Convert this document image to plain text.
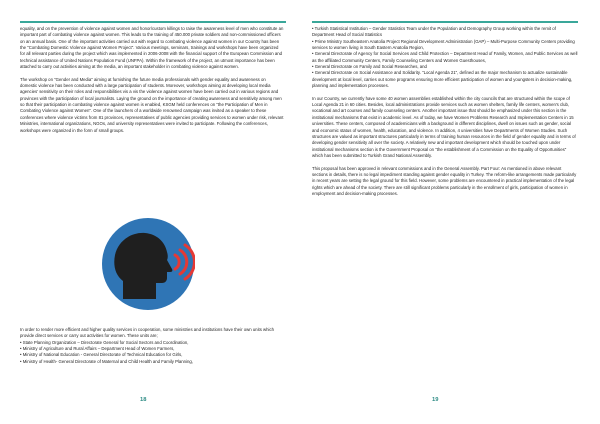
equality, and on the prevention of violence against women and honor/custom killings to raise the awareness level of men who constitute an important part of combating violence against women. This leads to the training of 450.000 private soldiers and non-commissioned officers on an annual basis. One of the important activities carried out with regard to combating violence against women in our Country has been the "Combating Domestic Violence against Women Project". Various meetings, seminars, trainings and workshops have been organized for all relevant parties during the project which was implemented in 2006-2008 with the financial support of the European Commission and technical assistance of United Nations Population Fund (UNFPA). Within the framework of the project, an utmost importance has been attached to carry out activities aiming at the media, an important stakeholder in combating violence against women.

The workshop on "Gender and Media" aiming at furnishing the future media professionals with gender equality and awareness on domestic violence has been conducted with a large participation of students. Moreover, workshops aiming at developing local media agencies' sensitivity on their roles and responsibilities vis a vis the violence against women have been carried out in various regions and provinces with the participation of local journalists. Laying the ground on the importance of creating awareness and sensitivity among men so that their participation in combating violence against women is enabled, KSGM held conferences on "the Participation of Men in Combating Violence against Women". One of the launchers of a worldwide renowned campaign was invited as a speaker to these conferences where violence victims from 81 provinces, representatives of public agencies providing services to women under risk, relevant Ministries, international organizations, NGOs, and university representatives were invited to participate. Following the conferences, workshops were organized in the form of small groups.

In order to render more efficient and higher quality services in cooperation, some ministries and institutions have their own units which provide direct services or carry out activities for women. These units are;

• State Planning Organization – Directorate General for Social Sectors and Coordination,
• Ministry of Agriculture and Rural Affairs – Department Head of Women Farmers,
• Ministry of National Education - General Directorate of Technical Education for Girls,
• Ministry of Health- General Directorate of Maternal and Child Health and Family Planning,
18
• Turkish Statistical Institution – Gender Statistics Team under the Population and Demography Group working within the remit of Department Head of Social Statistics
• Prime Ministry Southeastern Anatolia Project Regional Development Administration (GAP) – Multi-Purpose Community Centers providing services to women living in South Eastern Anatolia Region,
• General Directorate of Agency for Social Services and Child Protection – Department Head of Family, Women, and Public Services as well as the affiliated Community Centers, Family Counseling Centers and Women Guesthouses,
• General Directorate on Family and Social Researches, and
• General Directorate on Social Assistance and Solidarity. "Local Agenda 21", defined as the major mechanism to actualize sustainable development at local level, carries out some programs ensuring more efficient participation of women and youngsters in decision-making, planning and implementation processes.

In our Country, we currently have some 40 women assemblies established within the city councils that are structured within the scope of Local Agenda 21 in 60 cities. Besides, local administrations provide services such as women shelters, family life centers, women's club, vocational and art courses and family counseling centers. Another important issue that should be emphasized under this section is the institutional mechanisms that exist in academic level. As of today, we have Women Problems Research and Implementation Centers in 15 universities. These centers, composed of academicians with a background in different disciplines, dwell on issues such as gender, social and economic status of women, health, education, and violence. In addition, 4 universities have Departments of Women Studies. Such structures are valued as important structures particularly in terms of training human resources in the field of gender equality and in terms of developing gender sensitivity all over the society. A relatively new and important development which should be touched upon under institutional mechanisms section is the Government Proposal on "the establishment of a Commission on the Equality of Opportunities" which has been submitted to Turkish Grand National Assembly.

This proposal has been approved in relevant commissions and in the General Assembly. Part Four: As mentioned in above relevant sections in details, there is no legal impediment standing against gender equality in Turkey. The reform-like arrangements made particularly in recent years are setting the legal ground for this field. However, some problems are encountered in practical implementation of the legal rights which are ahead of the society. There are still significant problems particularly in the enrollment of girls, participation of women in employment and decision-making processes.

19
